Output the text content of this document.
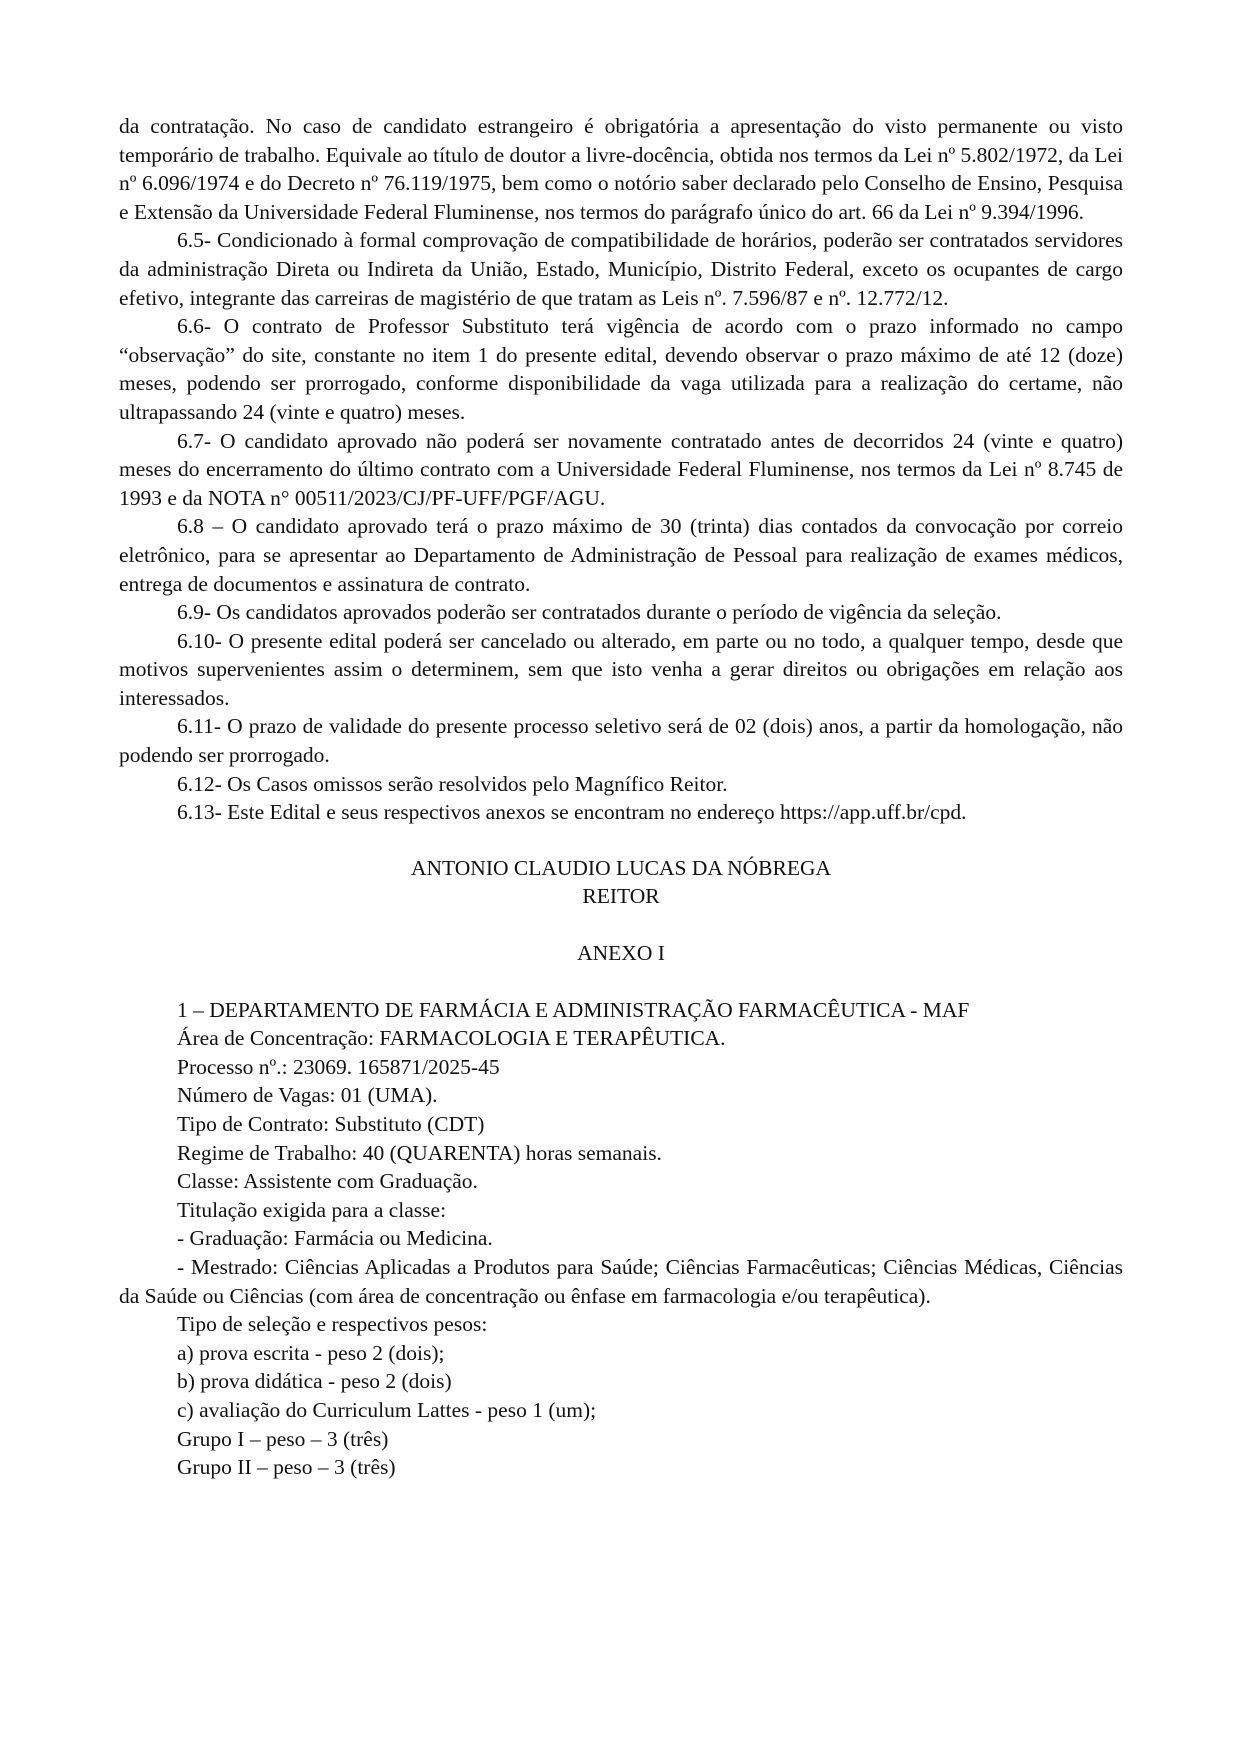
da contratação. No caso de candidato estrangeiro é obrigatória a apresentação do visto permanente ou visto temporário de trabalho. Equivale ao título de doutor a livre-docência, obtida nos termos da Lei nº 5.802/1972, da Lei nº 6.096/1974 e do Decreto nº 76.119/1975, bem como o notório saber declarado pelo Conselho de Ensino, Pesquisa e Extensão da Universidade Federal Fluminense, nos termos do parágrafo único do art. 66 da Lei nº 9.394/1996.

6.5- Condicionado à formal comprovação de compatibilidade de horários, poderão ser contratados servidores da administração Direta ou Indireta da União, Estado, Município, Distrito Federal, exceto os ocupantes de cargo efetivo, integrante das carreiras de magistério de que tratam as Leis nº. 7.596/87 e nº. 12.772/12.

6.6- O contrato de Professor Substituto terá vigência de acordo com o prazo informado no campo “observação” do site, constante no item 1 do presente edital, devendo observar o prazo máximo de até 12 (doze) meses, podendo ser prorrogado, conforme disponibilidade da vaga utilizada para a realização do certame, não ultrapassando 24 (vinte e quatro) meses.

6.7- O candidato aprovado não poderá ser novamente contratado antes de decorridos 24 (vinte e quatro) meses do encerramento do último contrato com a Universidade Federal Fluminense, nos termos da Lei nº 8.745 de 1993 e da NOTA n° 00511/2023/CJ/PF-UFF/PGF/AGU.

6.8 – O candidato aprovado terá o prazo máximo de 30 (trinta) dias contados da convocação por correio eletrônico, para se apresentar ao Departamento de Administração de Pessoal para realização de exames médicos, entrega de documentos e assinatura de contrato.

6.9- Os candidatos aprovados poderão ser contratados durante o período de vigência da seleção.

6.10- O presente edital poderá ser cancelado ou alterado, em parte ou no todo, a qualquer tempo, desde que motivos supervenientes assim o determinem, sem que isto venha a gerar direitos ou obrigações em relação aos interessados.

6.11- O prazo de validade do presente processo seletivo será de 02 (dois) anos, a partir da homologação, não podendo ser prorrogado.

6.12- Os Casos omissos serão resolvidos pelo Magnífico Reitor.

6.13- Este Edital e seus respectivos anexos se encontram no endereço https://app.uff.br/cpd.

ANTONIO CLAUDIO LUCAS DA NÓBREGA

REITOR

ANEXO I

1 – DEPARTAMENTO DE FARMÁCIA E ADMINISTRAÇÃO FARMACÊUTICA - MAF

Área de Concentração: FARMACOLOGIA E TERAPÊUTICA.

Processo nº.: 23069. 165871/2025-45

Número de Vagas: 01 (UMA).

Tipo de Contrato: Substituto (CDT)

Regime de Trabalho: 40 (QUARENTA) horas semanais.

Classe: Assistente com Graduação.

Titulação exigida para a classe:

- Graduação: Farmácia ou Medicina.

- Mestrado: Ciências Aplicadas a Produtos para Saúde; Ciências Farmacêuticas; Ciências Médicas, Ciências da Saúde ou Ciências (com área de concentração ou ênfase em farmacologia e/ou terapêutica).

Tipo de seleção e respectivos pesos:

a) prova escrita - peso 2 (dois);

b) prova didática - peso 2 (dois)

c) avaliação do Curriculum Lattes - peso 1 (um);

Grupo I – peso – 3 (três)

Grupo II – peso – 3 (três)
